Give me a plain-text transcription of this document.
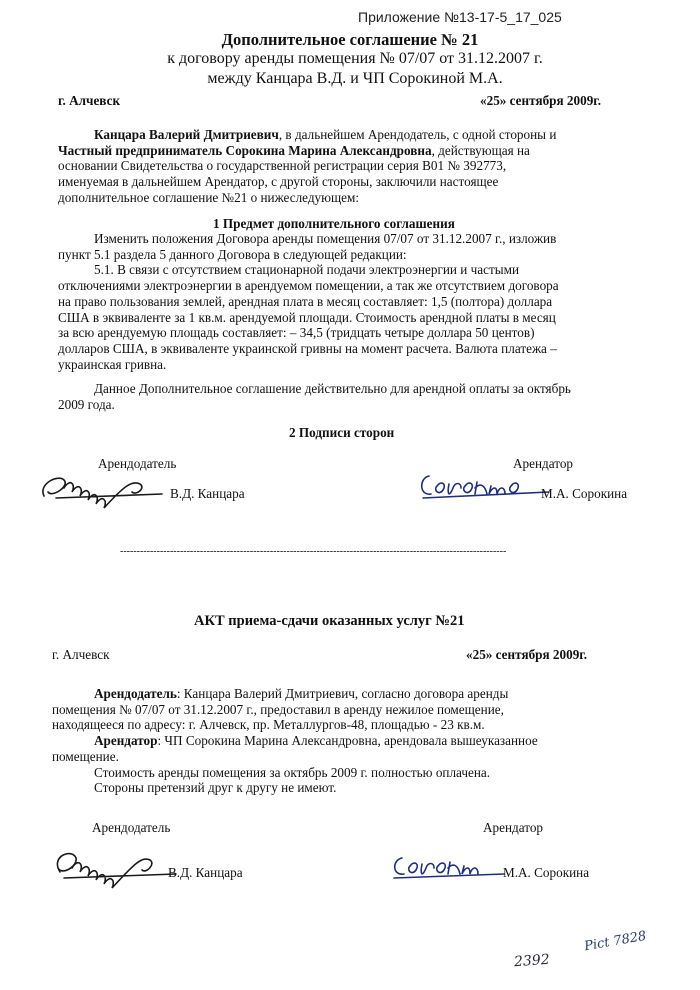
Приложение №13-17-5_17_025
Дополнительное соглашение № 21
к договору аренды помещения № 07/07 от 31.12.2007 г.
между Канцара В.Д. и ЧП Сорокиной М.А.
г. Алчевск	«25» сентября 2009г.

Канцара Валерий Дмитриевич, в дальнейшем Арендодатель, с одной стороны и

Частный предприниматель Сорокина Марина Александровна, действующая на

основании Свидетельства о государственной регистрации серия В01 № 392773,

именуемая в дальнейшем Арендатор, с другой стороны, заключили настоящее

дополнительное соглашение №21 о нижеследующем:

1 Предмет дополнительного соглашения

Изменить положения Договора аренды помещения 07/07 от 31.12.2007 г., изложив

пункт 5.1 раздела 5 данного Договора в следующей редакции:

5.1. В связи с отсутствием стационарной подачи электроэнергии и частыми

отключениями электроэнергии в арендуемом помещении, а так же отсутствием договора

на право пользования землей, арендная плата в месяц составляет: 1,5 (полтора) доллара

США в эквиваленте за 1 кв.м. арендуемой площади. Стоимость арендной платы в месяц

за всю арендуемую площадь составляет: – 34,5 (тридцать четыре доллара 50 центов)

долларов США, в эквиваленте украинской гривны на момент расчета. Валюта платежа –

украинская гривна.

Данное Дополнительное соглашение действительно для арендной оплаты за октябрь

2009 года.

2 Подписи сторон
Арендодатель	Арендатор
В.Д. Канцара	М.А. Сорокина
--------------------------------------------------------------------------------------------------------------------
АКТ приема-сдачи оказанных услуг №21
г. Алчевск	«25» сентября 2009г.

Арендодатель: Канцара Валерий Дмитриевич, согласно договора аренды

помещения № 07/07 от 31.12.2007 г., предоставил в аренду нежилое помещение,

находящееся по адресу: г. Алчевск, пр. Металлургов-48, площадью - 23 кв.м.

Арендатор: ЧП Сорокина Марина Александровна, арендовала вышеуказанное

помещение.

Стоимость аренды помещения за октябрь 2009 г. полностью оплачена.

Стороны претензий друг к другу не имеют.

Арендодатель	Арендатор
В.Д. Канцара	М.А. Сорокина
2392
Pict 7828
